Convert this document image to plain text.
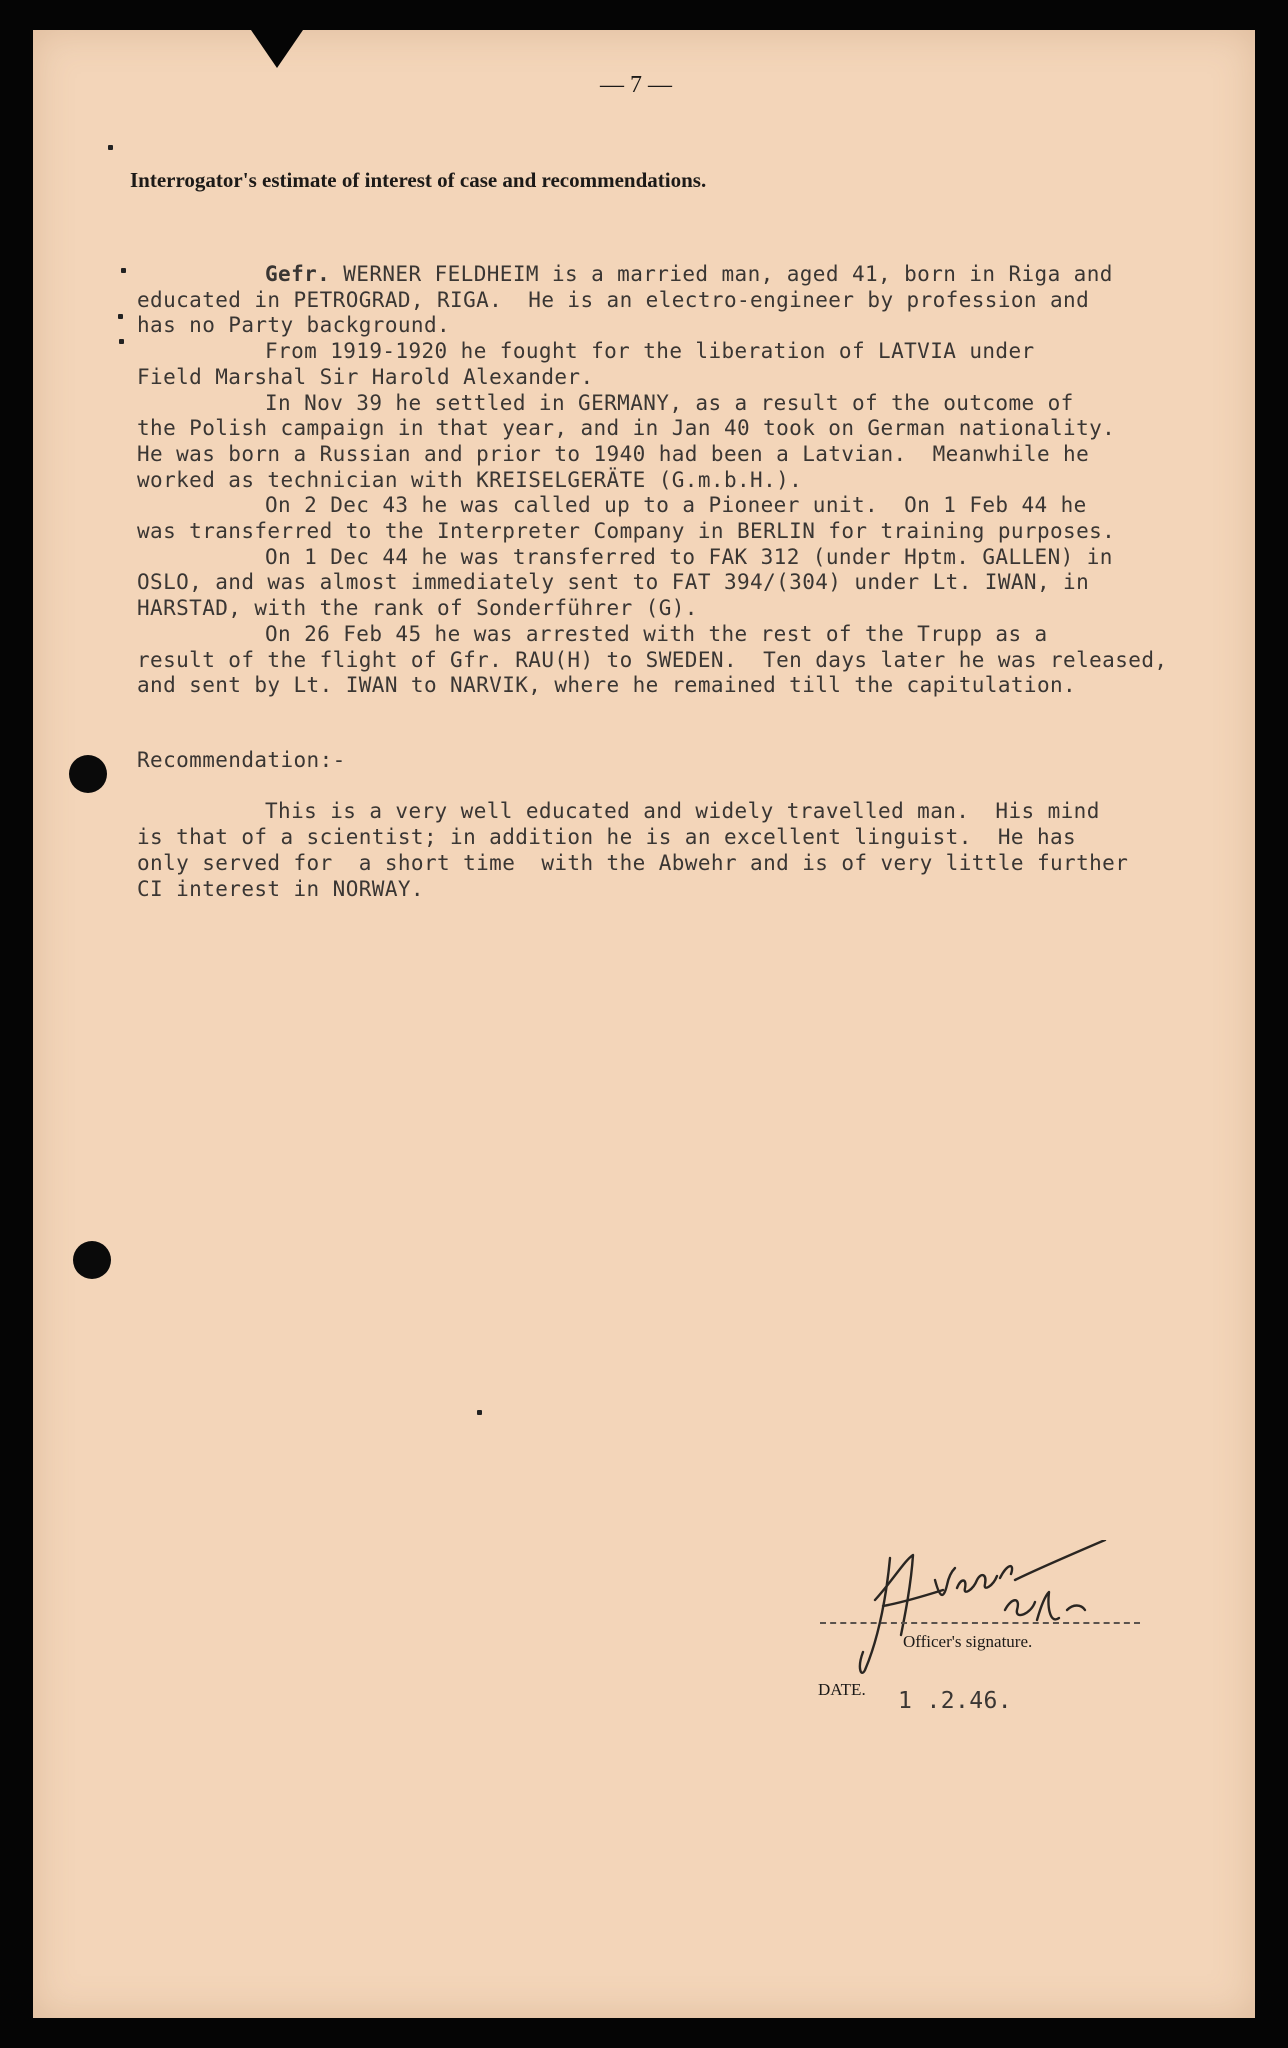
— 7 —
Interrogator's estimate of interest of case and recommendations.

Gefr. WERNER FELDHEIM is a married man, aged 41, born in Riga and

educated in PETROGRAD, RIGA.  He is an electro-engineer by profession and

has no Party background.

From 1919-1920 he fought for the liberation of LATVIA under

Field Marshal Sir Harold Alexander.

In Nov 39 he settled in GERMANY, as a result of the outcome of

the Polish campaign in that year, and in Jan 40 took on German nationality.

He was born a Russian and prior to 1940 had been a Latvian.  Meanwhile he

worked as technician with KREISELGERÄTE (G.m.b.H.).

On 2 Dec 43 he was called up to a Pioneer unit.  On 1 Feb 44 he

was transferred to the Interpreter Company in BERLIN for training purposes.

On 1 Dec 44 he was transferred to FAK 312 (under Hptm. GALLEN) in

OSLO, and was almost immediately sent to FAT 394/(304) under Lt. IWAN, in

HARSTAD, with the rank of Sonderführer (G).

On 26 Feb 45 he was arrested with the rest of the Trupp as a

result of the flight of Gfr. RAU(H) to SWEDEN.  Ten days later he was released,

and sent by Lt. IWAN to NARVIK, where he remained till the capitulation.

Recommendation:-

This is a very well educated and widely travelled man.  His mind

is that of a scientist; in addition he is an excellent linguist.  He has

only served for  a short time  with the Abwehr and is of very little further

CI interest in NORWAY.

Officer's signature.
DATE. 1 .2.46.
